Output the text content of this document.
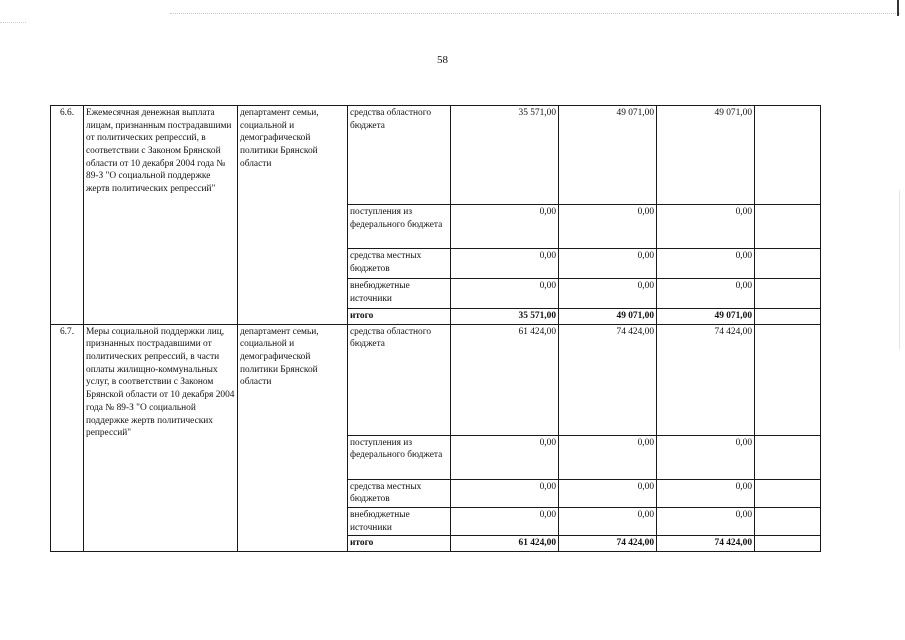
58
6.6.	Ежемесячная денежная выплата лицам, признанным пострадавшими от политических репрессий, в соответствии с Законом Брянской области от 10 декабря 2004 года № 89-З "О социальной поддержке жертв политических репрессий"	департамент семьи, социальной и демографической политики Брянской области	средства областного бюджета	35 571,00	49 071,00	49 071,00	
			поступления из федерального бюджета	0,00	0,00	0,00	
			средства местных бюджетов	0,00	0,00	0,00	
			внебюджетные источники	0,00	0,00	0,00	
			итого	35 571,00	49 071,00	49 071,00	
6.7.	Меры социальной поддержки лиц, признанных пострадавшими от политических репрессий, в части оплаты жилищно-коммунальных услуг, в соответствии с Законом Брянской области от 10 декабря 2004 года № 89-З "О социальной поддержке жертв политических репрессий"	департамент семьи, социальной и демографической политики Брянской области	средства областного бюджета	61 424,00	74 424,00	74 424,00	
			поступления из федерального бюджета	0,00	0,00	0,00	
			средства местных бюджетов	0,00	0,00	0,00	
			внебюджетные источники	0,00	0,00	0,00	
			итого	61 424,00	74 424,00	74 424,00	
